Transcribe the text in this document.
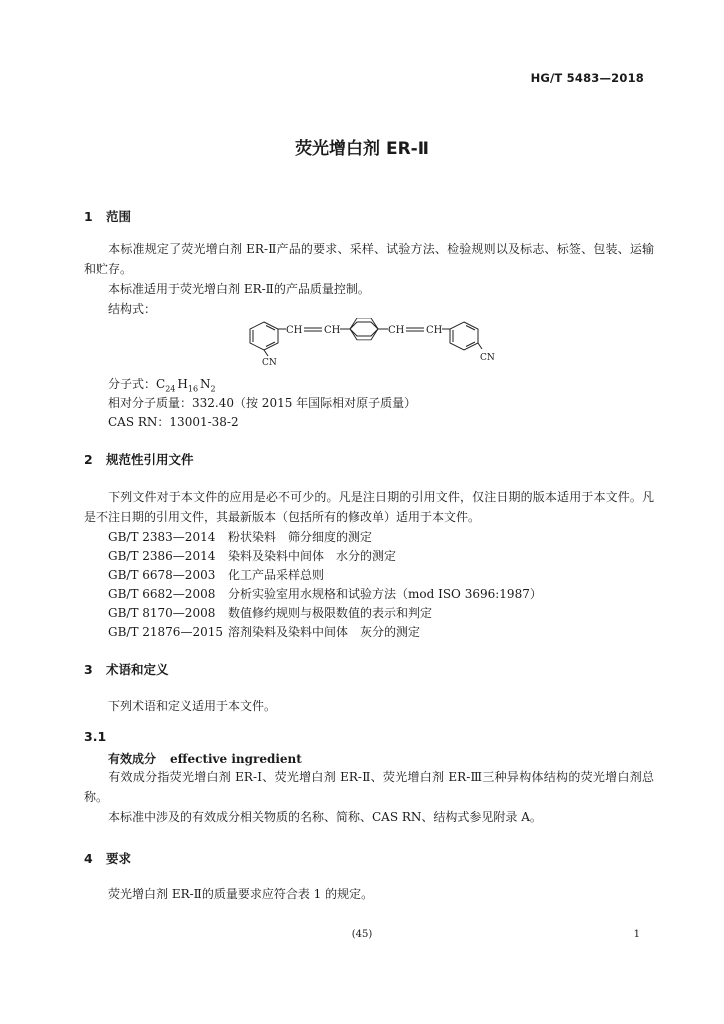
HG/T 5483—2018
荧光增白剂 ER-Ⅱ
1 范围
本标准规定了荧光增白剂 ER-Ⅱ产品的要求、采样、试验方法、检验规则以及标志、标签、包装、运输和贮存。
本标准适用于荧光增白剂 ER-Ⅱ的产品质量控制。
结构式：
CH CH	CH CH
CN	CN
分子式：$C_{24}$ $H_{16}$ $N_2$
相对分子质量：332.40（按 2015 年国际相对原子质量）
CAS RN：13001-38-2
2 规范性引用文件
下列文件对于本文件的应用是必不可少的。凡是注日期的引用文件，仅注日期的版本适用于本文件。凡是不注日期的引用文件，其最新版本（包括所有的修改单）适用于本文件。
GB/T 2383—2014 粉状染料　筛分细度的测定
GB/T 2386—2014 染料及染料中间体　水分的测定
GB/T 6678—2003 化工产品采样总则
GB/T 6682—2008 分析实验室用水规格和试验方法（mod ISO 3696:1987）
GB/T 8170—2008 数值修约规则与极限数值的表示和判定
GB/T 21876—2015 溶剂染料及染料中间体　灰分的测定
3 术语和定义
下列术语和定义适用于本文件。
3.1
有效成分 effective ingredient
有效成分指荧光增白剂 ER-Ⅰ、荧光增白剂 ER-Ⅱ、荧光增白剂 ER-Ⅲ三种异构体结构的荧光增白剂总称。
本标准中涉及的有效成分相关物质的名称、简称、CAS RN、结构式参见附录 A。
4 要求
荧光增白剂 ER-Ⅱ的质量要求应符合表 1 的规定。
(45)	1
